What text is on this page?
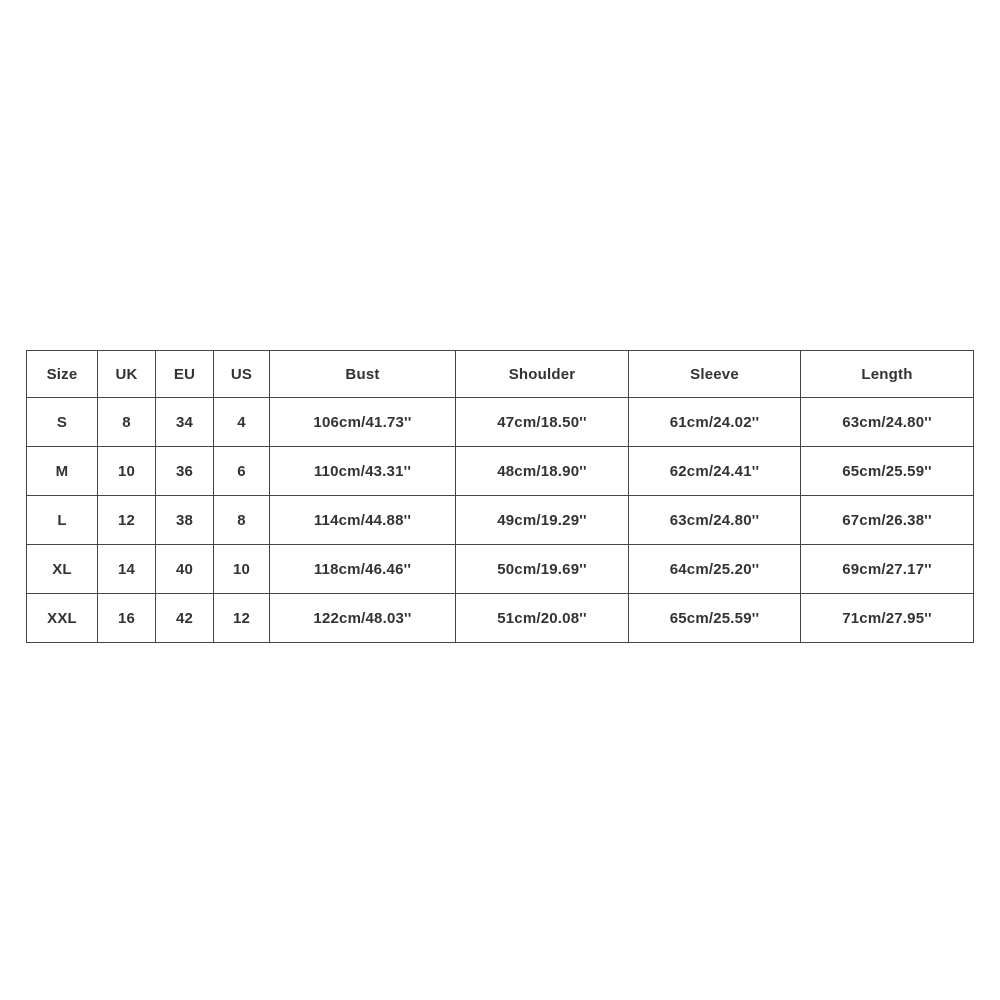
Size	UK	EU	US	Bust	Shoulder	Sleeve	Length
S	8	34	4	106cm/41.73''	47cm/18.50''	61cm/24.02''	63cm/24.80''
M	10	36	6	110cm/43.31''	48cm/18.90''	62cm/24.41''	65cm/25.59''
L	12	38	8	114cm/44.88''	49cm/19.29''	63cm/24.80''	67cm/26.38''
XL	14	40	10	118cm/46.46''	50cm/19.69''	64cm/25.20''	69cm/27.17''
XXL	16	42	12	122cm/48.03''	51cm/20.08''	65cm/25.59''	71cm/27.95''
